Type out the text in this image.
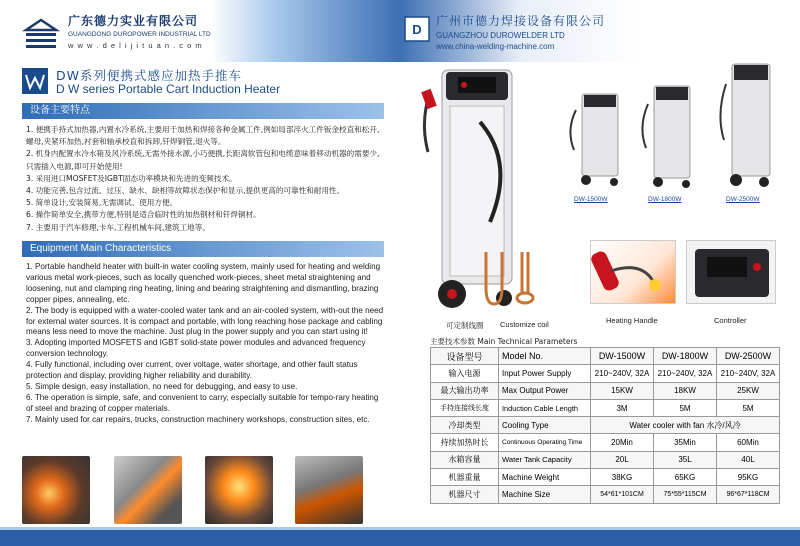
广东德力实业有限公司
GUANGDONG DUROPOWER INDUSTRIAL LTD
w w w . d e l i j i t u a n . c o m
D
广州市德力焊接设备有限公司
GUANGZHOU DUROWELDER LTD
www.china-welding-machine.com
DW系列便携式感应加热手推车
D W series Portable Cart Induction Heater
设备主要特点

1. 便携手持式加热器,内置水冷系统,主要用于加热和焊接各种金属工件,例如局部淬火工件钣金校直和松开,螺母,夹紧环加热,衬套和轴承校直和拆卸,钎焊铜管,退火等。

2. 机身内配置水冷水箱及风冷系统,无需外接水源,小巧便携,长距离软管包和电缆意味着移动机器的需要少,只需插入电源,即可开始使用!

3. 采用进口MOSFET及IGBT固态功率模块和先进的变频技术。

4. 功能完善,包含过流、过压、缺水、缺相等故障状态保护和显示,提供更高的可靠性和耐用性。

5. 简单设计,安装简易,无需调试、使用方便。

6. 操作简单安全,携带方便,特别是适合临时性的加热钢材和钎焊铜材。

7. 主要用于汽车修理,卡车,工程机械车间,建筑工地等。

Equipment Main Characteristics

1. Portable handheld heater with built-in water cooling system, mainly used for heating and welding various metal work-pieces, such as locally quenched work-pieces, sheet metal straightening and loosening, nut and clamping ring heating, lining and bearing straightening and dismantling, brazing copper pipes, annealing, etc.

2. The body is equipped with a water-cooled water tank and an air-cooled system, with-out the need for external water sources. It is compact and portable, with long reaching hose package and cabling means less need to move the machine. Just plug in the power supply and you can start using it!

3. Adopting imported MOSFETS and IGBT solid-state power modules and advanced frequency conversion technology.

4. Fully functional, including over current, over voltage, water shortage, and other fault status protection and display, providing higher reliability and durability.

5. Simple design, easy installation, no need for debugging, and easy to use.

6. The operation is simple, safe, and convenient to carry, especially suitable for tempo-rary heating of steel and brazing of copper materials.

7. Mainly used for car repairs, trucks, construction machinery workshops, construction sites, etc.

DW-1500W	DW-1800W	DW-2500W
可定制线圈 Customize coil	Heating Handle	Controller
主要技术参数 Main Technical Parameters
设备型号	Model No.	DW-1500W	DW-1800W	DW-2500W
输入电源	Input Power Supply	210~240V, 32A	210~240V, 32A	210~240V, 32A
最大输出功率	Max Output Power	15KW	18KW	25KW
手持连接线长度	Induction Cable Length	3M	5M	5M
冷却类型	Cooling Type	Water cooler with fan 水冷/风冷		
持续加热时长	Continuous Operating Time	20Min	35Min	60Min
水箱容量	Water Tank Capacity	20L	35L	40L
机器重量	Machine Weight	38KG	65KG	95KG
机器尺寸	Machine Size	54*61*101CM	75*55*115CM	96*67*118CM
